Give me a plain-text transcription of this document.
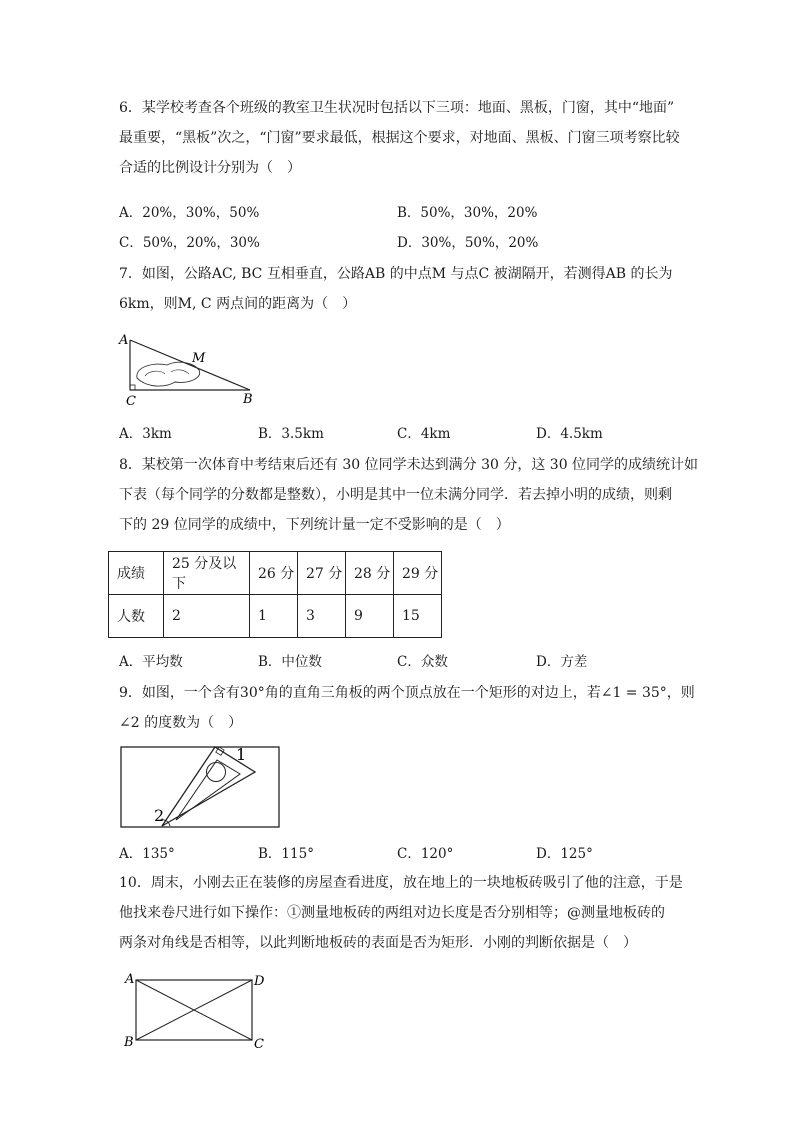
6．某学校考查各个班级的教室卫生状况时包括以下三项：地面、黑板，门窗，其中“地面”
最重要，“黑板”次之，“门窗”要求最低，根据这个要求，对地面、黑板、门窗三项考察比较
合适的比例设计分别为（　）
A．20%，30%，50%	B．50%，30%，20%
C．50%，20%，30%	D．30%，50%，20%
7．如图，公路AC, BC 互相垂直，公路AB 的中点M 与点C 被湖隔开，若测得AB 的长为
6km，则M, C 两点间的距离为（　）
A
M
C	B
A．3km	B．3.5km	C．4km	D．4.5km
8．某校第一次体育中考结束后还有 30 位同学未达到满分 30 分，这 30 位同学的成绩统计如
下表（每个同学的分数都是整数），小明是其中一位未满分同学．若去掉小明的成绩，则剩
下的 29 位同学的成绩中，下列统计量一定不受影响的是（　）
成绩	25 分及以下	26 分	27 分	28 分	29 分
人数	2	1	3	9	15
A．平均数	B．中位数	C．众数	D．方差
9．如图，一个含有30°角的直角三角板的两个顶点放在一个矩形的对边上，若∠1 = 35°，则
∠2 的度数为（　）
1
2
A．135°	B．115°	C．120°	D．125°
10．周末，小刚去正在装修的房屋查看进度，放在地上的一块地板砖吸引了他的注意，于是
他找来卷尺进行如下操作：①测量地板砖的两组对边长度是否分别相等；@测量地板砖的
两条对角线是否相等，以此判断地板砖的表面是否为矩形．小刚的判断依据是（　）
A	D
B	C
